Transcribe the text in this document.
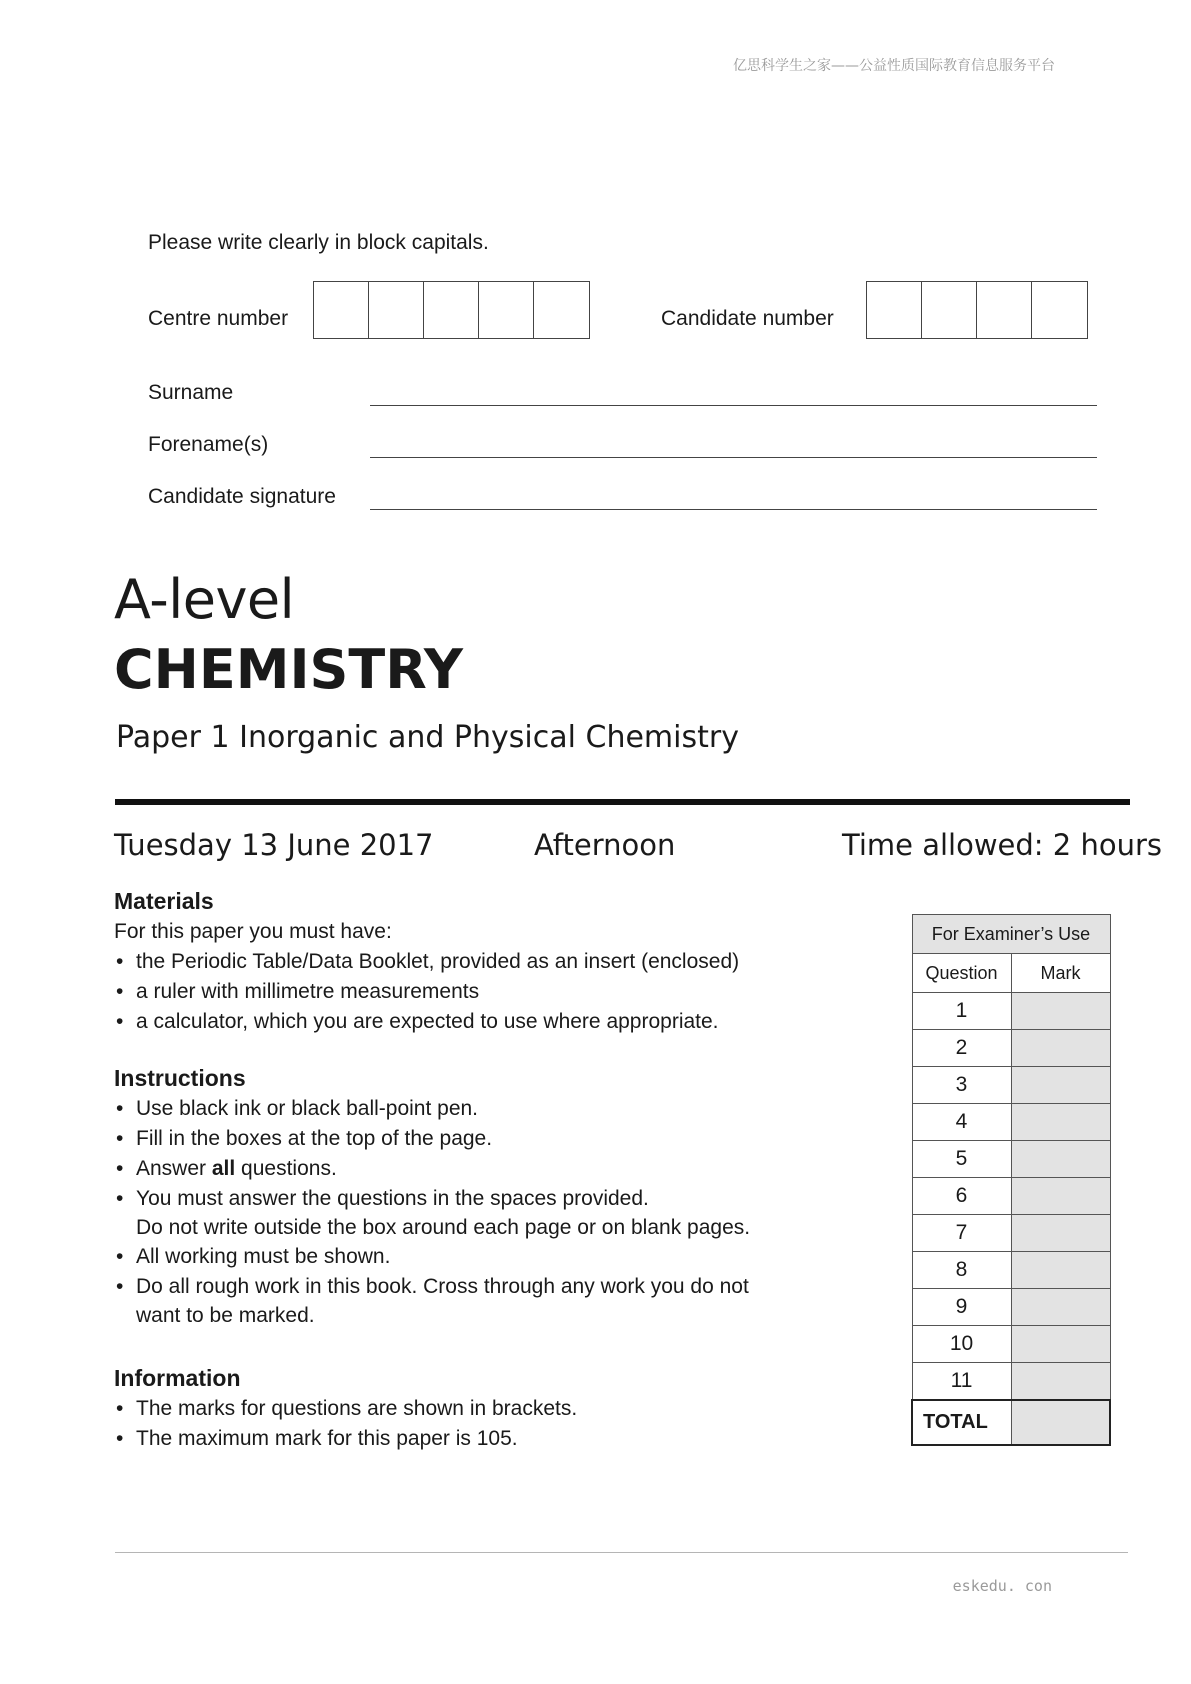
亿思科学生之家——公益性质国际教育信息服务平台
Please write clearly in block capitals.
Centre number	Candidate number
Surname
Forename(s)
Candidate signature
A-level
CHEMISTRY
Paper 1 Inorganic and Physical Chemistry
Tuesday 13 June 2017	Afternoon	Time allowed: 2 hours
Materials
For this paper you must have:
• the Periodic Table/Data Booklet, provided as an insert (enclosed)
• a ruler with millimetre measurements
• a calculator, which you are expected to use where appropriate.
Instructions
• Use black ink or black ball-point pen.
• Fill in the boxes at the top of the page.
• Answer all questions.
• You must answer the questions in the spaces provided.
Do not write outside the box around each page or on blank pages.
• All working must be shown.
• Do all rough work in this book. Cross through any work you do not
want to be marked.
Information
• The marks for questions are shown in brackets.
• The maximum mark for this paper is 105.
For Examiner’s Use	
Question	Mark
1	
2	
3	
4	
5	
6	
7	
8	
9	
10	
11	
TOTAL	
eskedu. con
